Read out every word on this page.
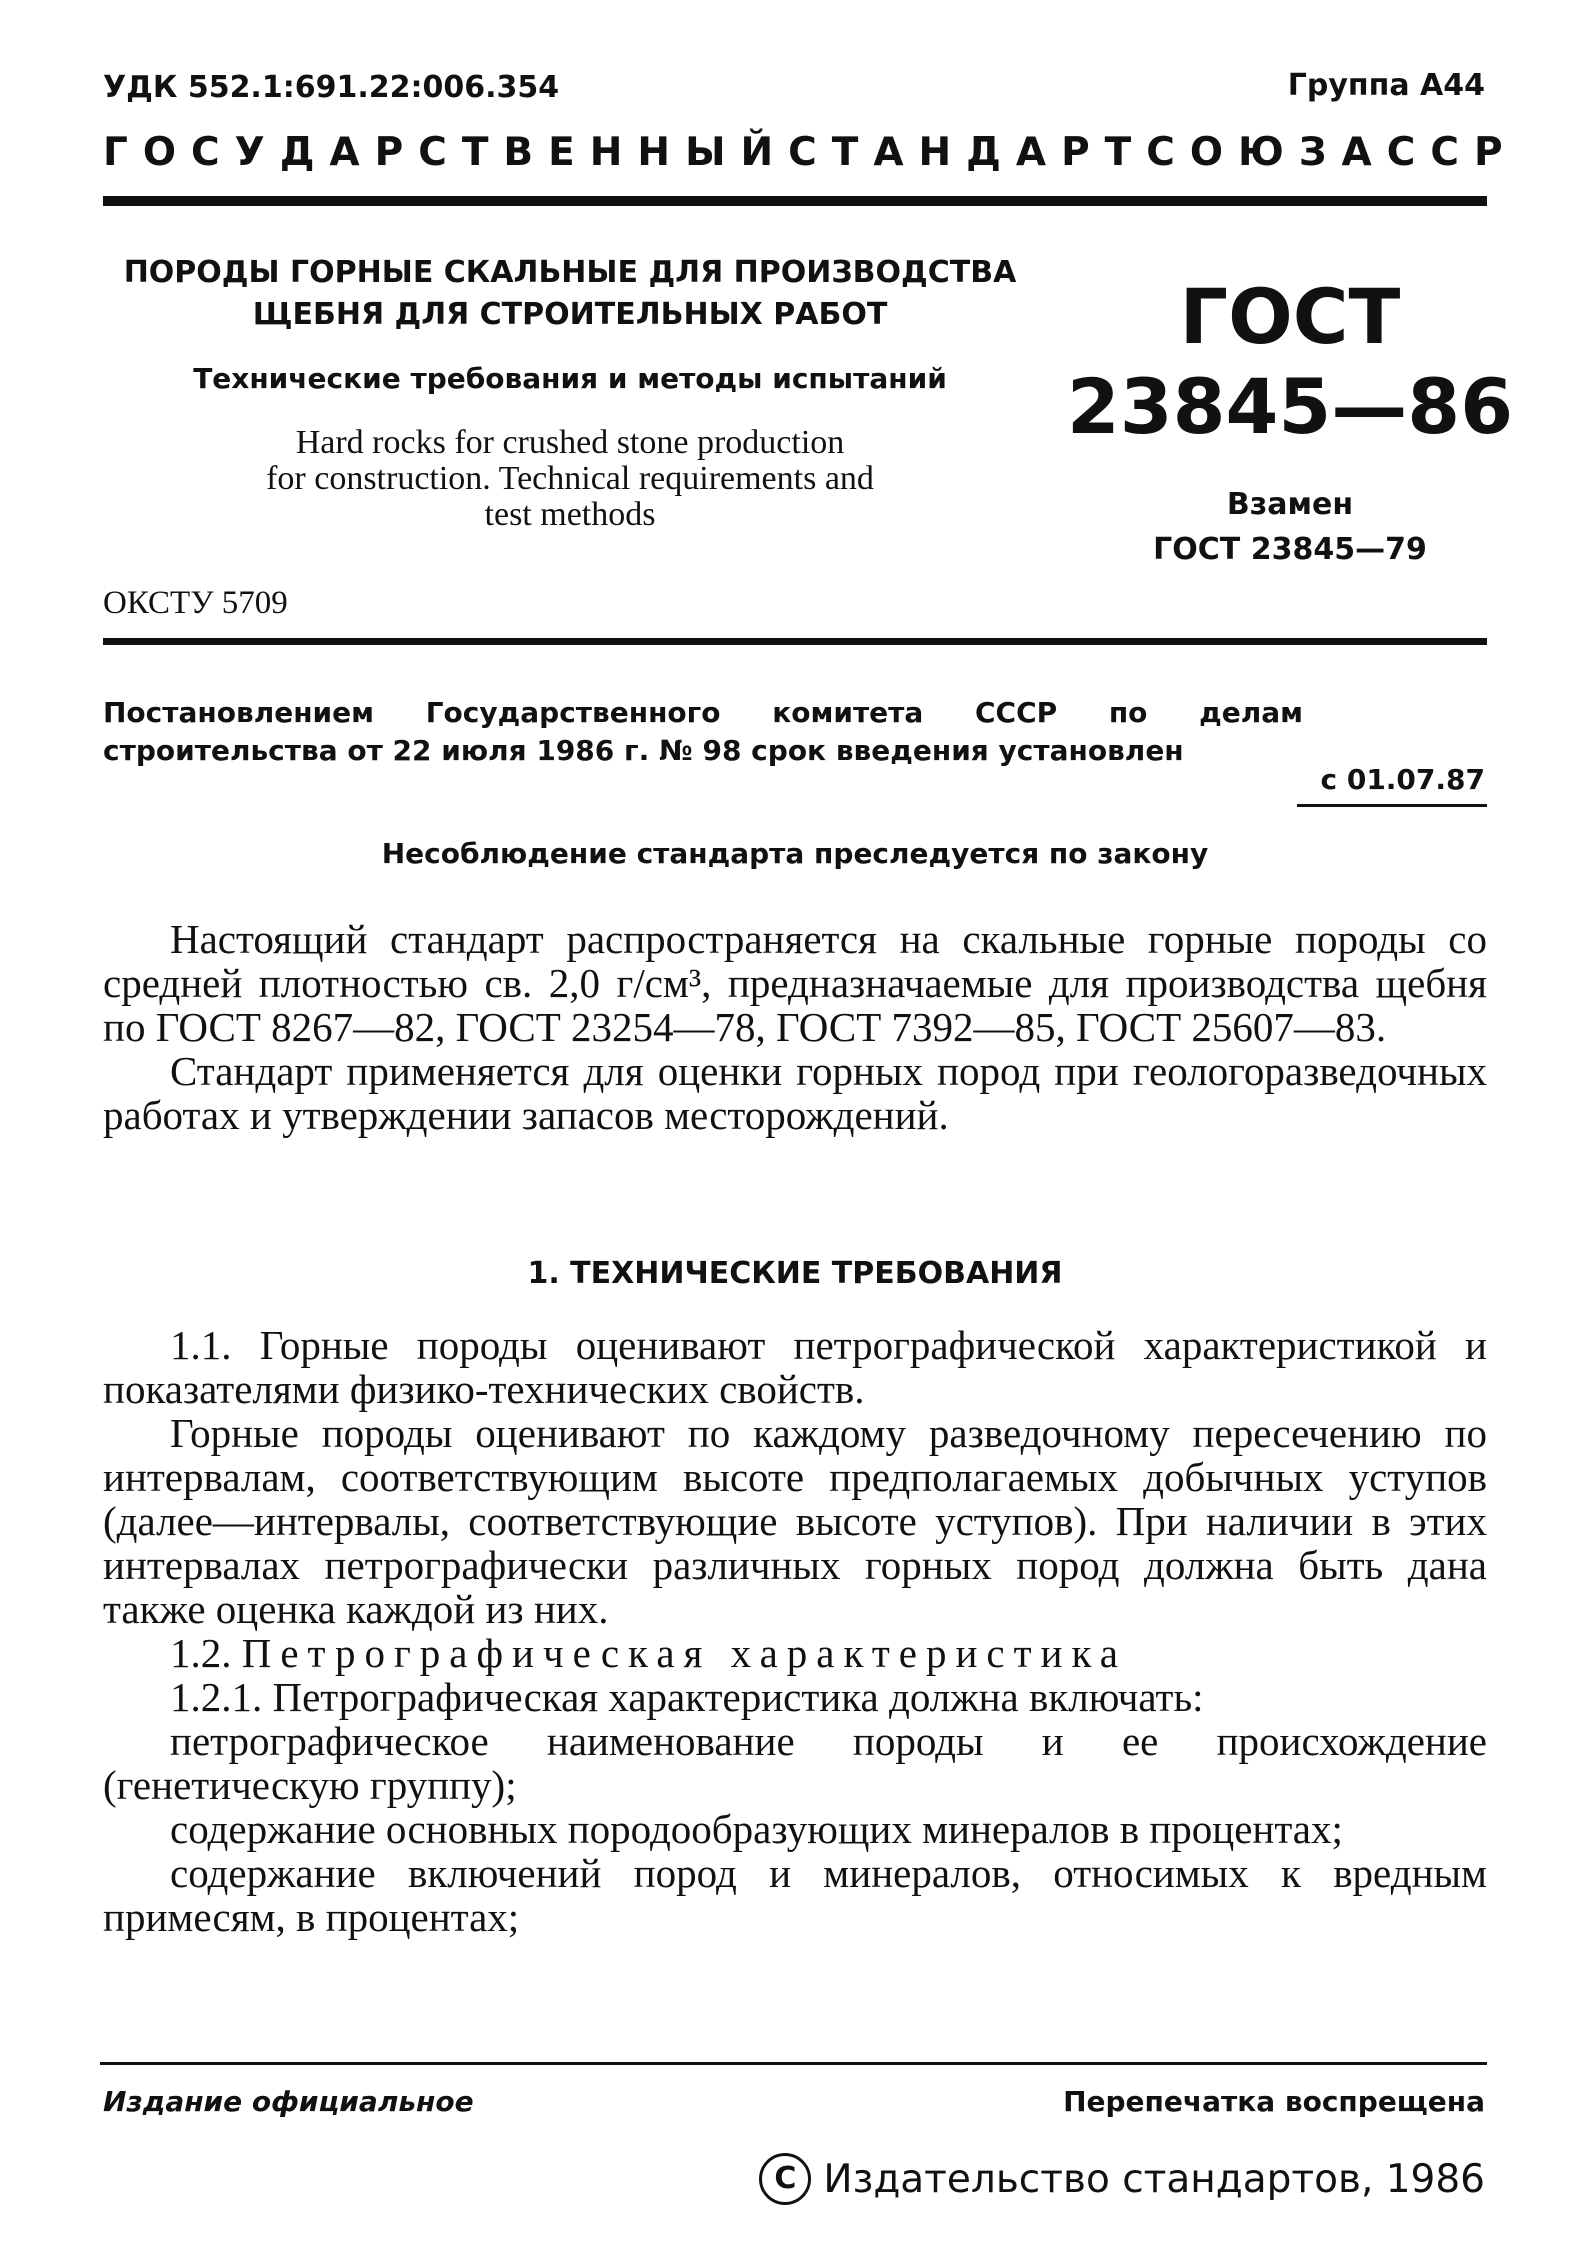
УДК 552.1:691.22:006.354	Группа А44
ГОСУДАРСТВЕННЫЙ СТАНДАРТ СОЮЗА ССР
ПОРОДЫ ГОРНЫЕ СКАЛЬНЫЕ ДЛЯ ПРОИЗВОДСТВА
ЩЕБНЯ ДЛЯ СТРОИТЕЛЬНЫХ РАБОТ
Технические требования и методы испытаний
Hard rocks for crushed stone production
for construction. Technical requirements and
test methods
ОКСТУ 5709
ГОСТ
23845—86
Взамен
ГОСТ 23845—79
Постановлением Государственного комитета СССР по делам строительства от 22 июля 1986 г. № 98 срок введения установлен
с 01.07.87
Несоблюдение стандарта преследуется по закону

Настоящий стандарт распространяется на скальные горные породы со средней плотностью св. 2,0 г/см³, предназначаемые для производства щебня по ГОСТ 8267—82, ГОСТ 23254—78, ГОСТ 7392—85, ГОСТ 25607—83.

Стандарт применяется для оценки горных пород при геологоразведочных работах и утверждении запасов месторождений.

1. ТЕХНИЧЕСКИЕ ТРЕБОВАНИЯ

1.1. Горные породы оценивают петрографической характеристикой и показателями физико-технических свойств.

Горные породы оценивают по каждому разведочному пересечению по интервалам, соответствующим высоте предполагаемых добычных уступов (далее—интервалы, соответствующие высоте уступов). При наличии в этих интервалах петрографически различных горных пород должна быть дана также оценка каждой из них.

1.2. Петрографическая характеристика

1.2.1. Петрографическая характеристика должна включать:

петрографическое наименование породы и ее происхождение (генетическую группу);

содержание основных породообразующих минералов в процентах;

содержание включений пород и минералов, относимых к вредным примесям, в процентах;

Издание официальное	Перепечатка воспрещена
C Издательство стандартов, 1986
